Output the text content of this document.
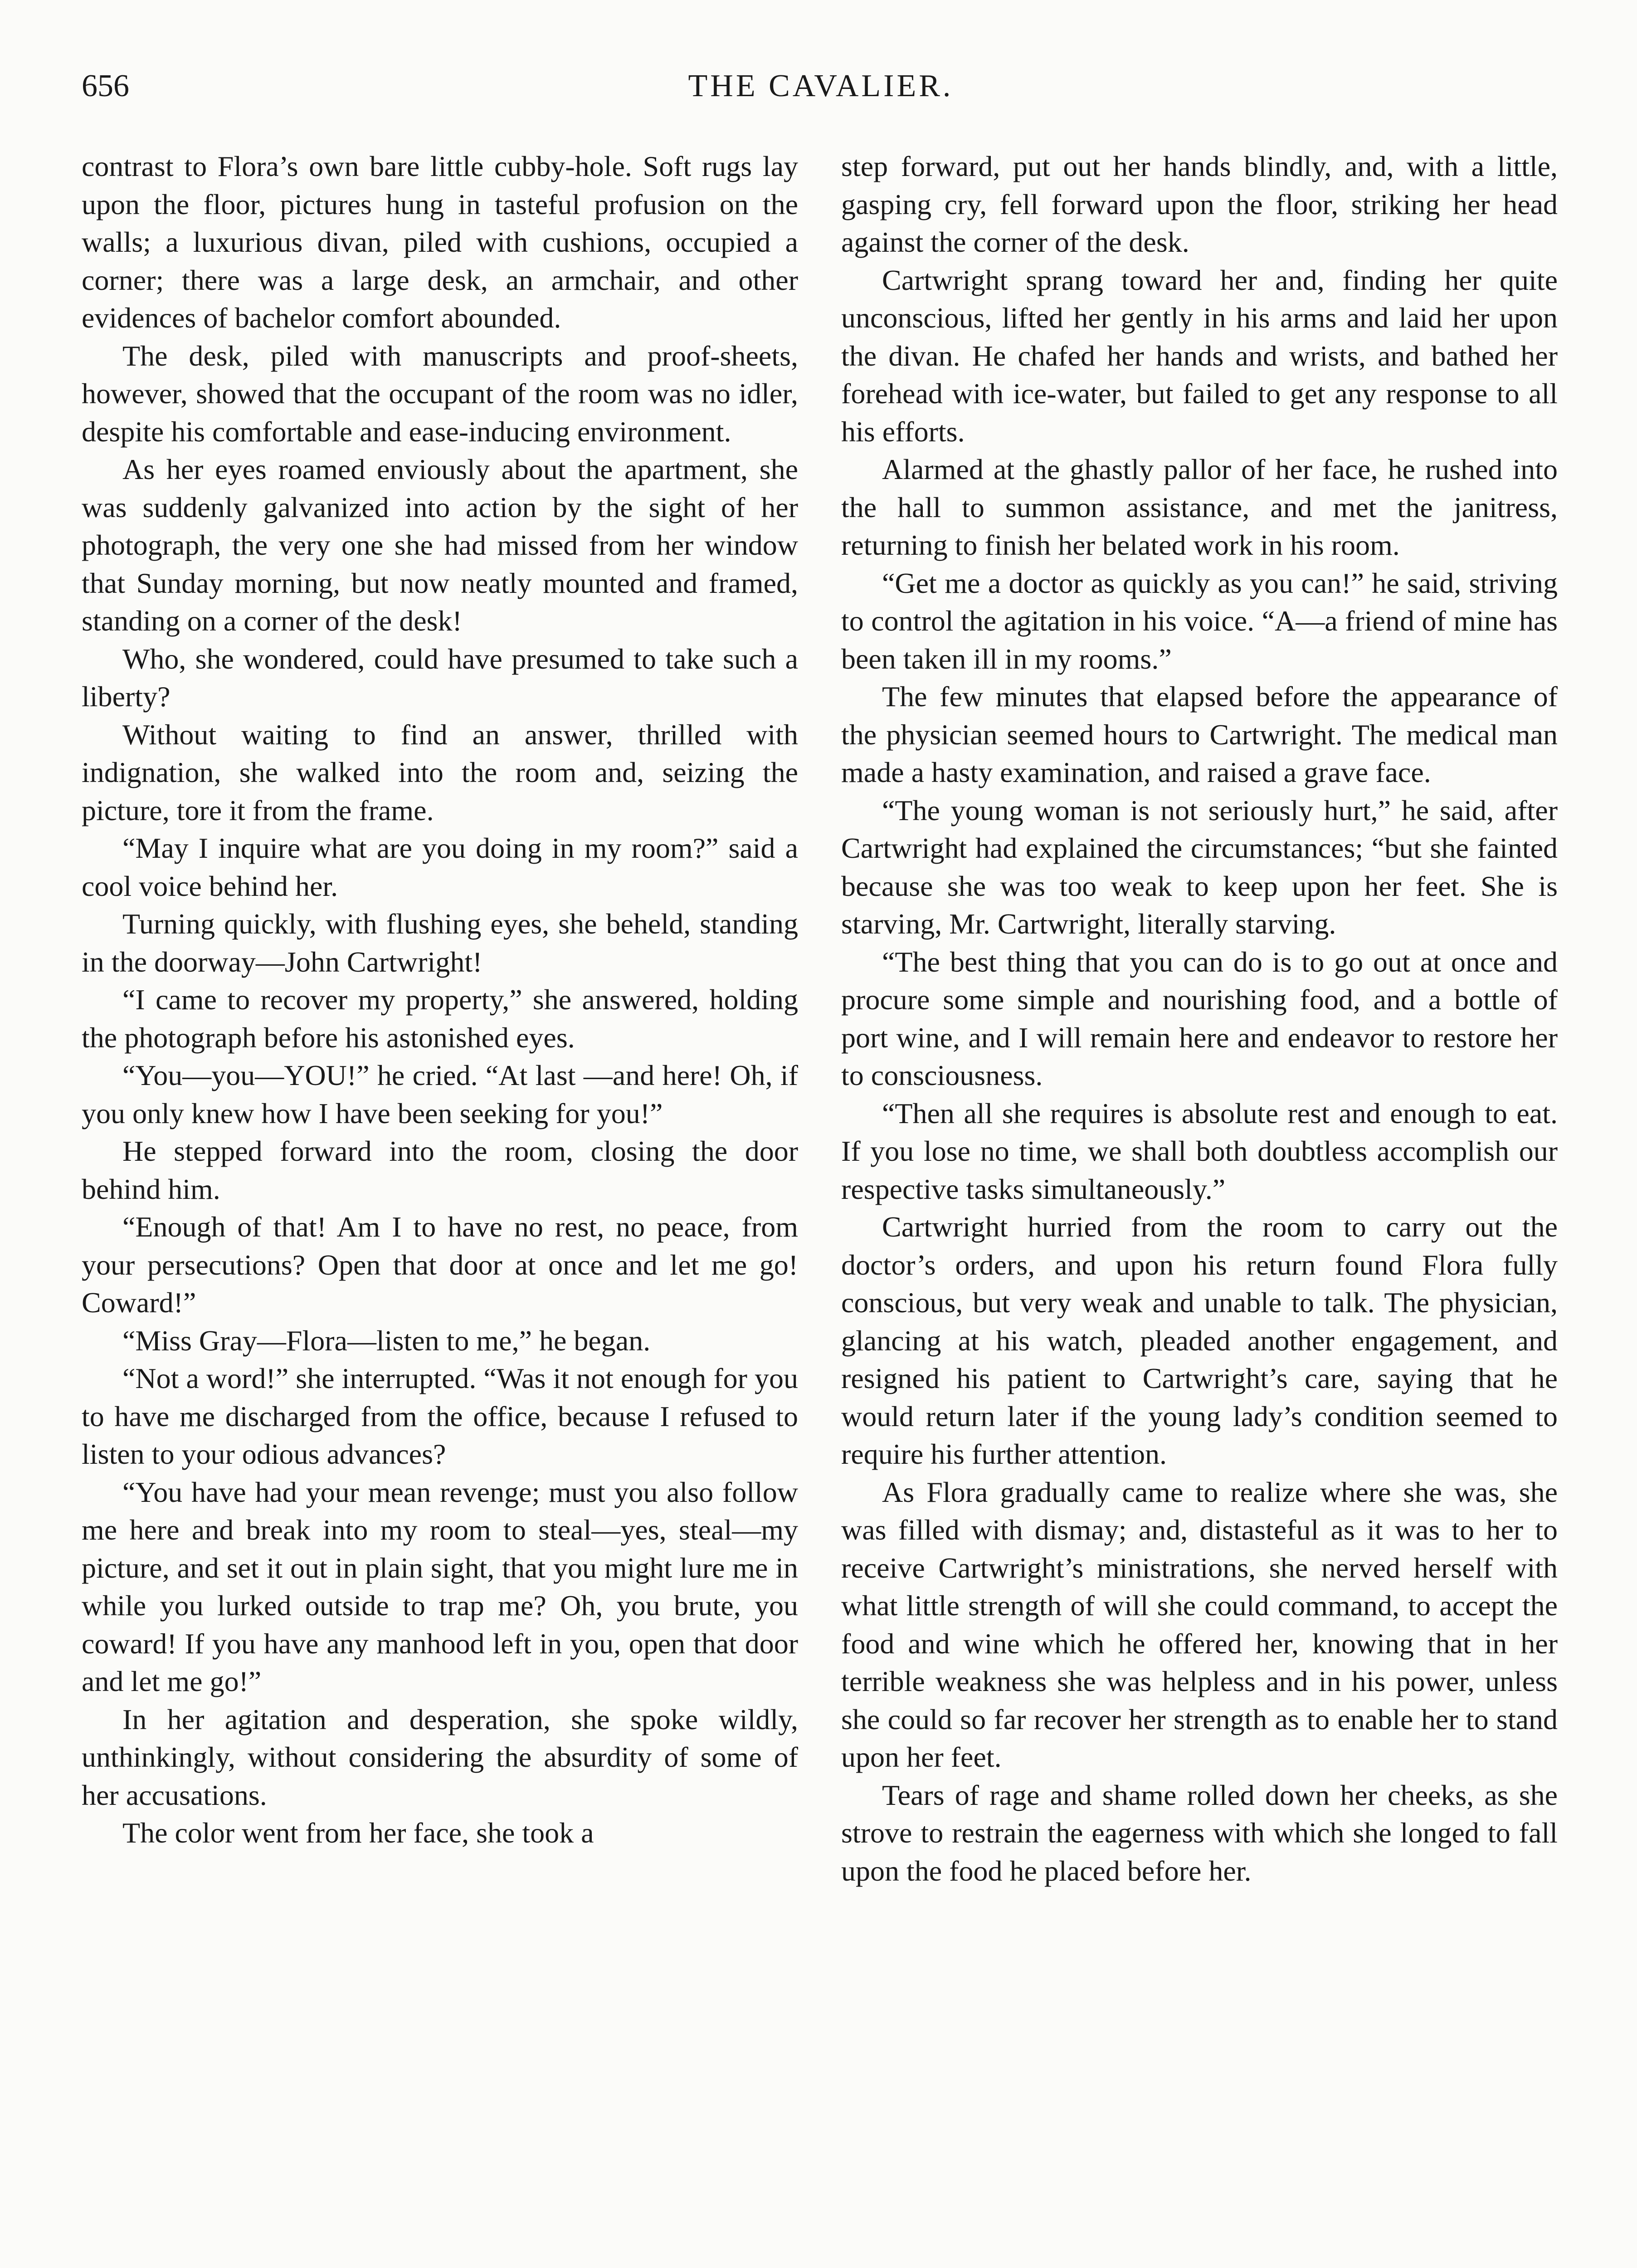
656	THE CAVALIER.

contrast to Flora’s own bare little cubby-hole. Soft rugs lay upon the floor, pictures hung in tasteful profusion on the walls; a luxurious divan, piled with cushions, occupied a corner; there was a large desk, an armchair, and other evidences of bachelor comfort abounded.

The desk, piled with manuscripts and proof-sheets, however, showed that the occupant of the room was no idler, despite his comfortable and ease-inducing environment.

As her eyes roamed enviously about the apartment, she was suddenly galvanized into action by the sight of her photograph, the very one she had missed from her window that Sunday morning, but now neatly mounted and framed, standing on a corner of the desk!

Who, she wondered, could have presumed to take such a liberty?

Without waiting to find an answer, thrilled with indignation, she walked into the room and, seizing the picture, tore it from the frame.

“May I inquire what are you doing in my room?” said a cool voice behind her.

Turning quickly, with flushing eyes, she beheld, standing in the doorway—John Cartwright!

“I came to recover my property,” she answered, holding the photograph before his astonished eyes.

“You—you—YOU!” he cried. “At last —and here! Oh, if you only knew how I have been seeking for you!”

He stepped forward into the room, closing the door behind him.

“Enough of that! Am I to have no rest, no peace, from your persecutions? Open that door at once and let me go! Coward!”

“Miss Gray—Flora—listen to me,” he began.

“Not a word!” she interrupted. “Was it not enough for you to have me discharged from the office, because I refused to listen to your odious advances?

“You have had your mean revenge; must you also follow me here and break into my room to steal—yes, steal—my picture, and set it out in plain sight, that you might lure me in while you lurked outside to trap me? Oh, you brute, you coward! If you have any manhood left in you, open that door and let me go!”

In her agitation and desperation, she spoke wildly, unthinkingly, without considering the absurdity of some of her accusations.

The color went from her face, she took a

step forward, put out her hands blindly, and, with a little, gasping cry, fell forward upon the floor, striking her head against the corner of the desk.

Cartwright sprang toward her and, finding her quite unconscious, lifted her gently in his arms and laid her upon the divan. He chafed her hands and wrists, and bathed her forehead with ice-water, but failed to get any response to all his efforts.

Alarmed at the ghastly pallor of her face, he rushed into the hall to summon assistance, and met the janitress, returning to finish her belated work in his room.

“Get me a doctor as quickly as you can!” he said, striving to control the agitation in his voice. “A—a friend of mine has been taken ill in my rooms.”

The few minutes that elapsed before the appearance of the physician seemed hours to Cartwright. The medical man made a hasty examination, and raised a grave face.

“The young woman is not seriously hurt,” he said, after Cartwright had explained the circumstances; “but she fainted because she was too weak to keep upon her feet. She is starving, Mr. Cartwright, literally starving.

“The best thing that you can do is to go out at once and procure some simple and nourishing food, and a bottle of port wine, and I will remain here and endeavor to restore her to consciousness.

“Then all she requires is absolute rest and enough to eat. If you lose no time, we shall both doubtless accomplish our respective tasks simultaneously.”

Cartwright hurried from the room to carry out the doctor’s orders, and upon his return found Flora fully conscious, but very weak and unable to talk. The physician, glancing at his watch, pleaded another engagement, and resigned his patient to Cartwright’s care, saying that he would return later if the young lady’s condition seemed to require his further attention.

As Flora gradually came to realize where she was, she was filled with dismay; and, distasteful as it was to her to receive Cartwright’s ministrations, she nerved herself with what little strength of will she could command, to accept the food and wine which he offered her, knowing that in her terrible weakness she was helpless and in his power, unless she could so far recover her strength as to enable her to stand upon her feet.

Tears of rage and shame rolled down her cheeks, as she strove to restrain the eagerness with which she longed to fall upon the food he placed before her.
